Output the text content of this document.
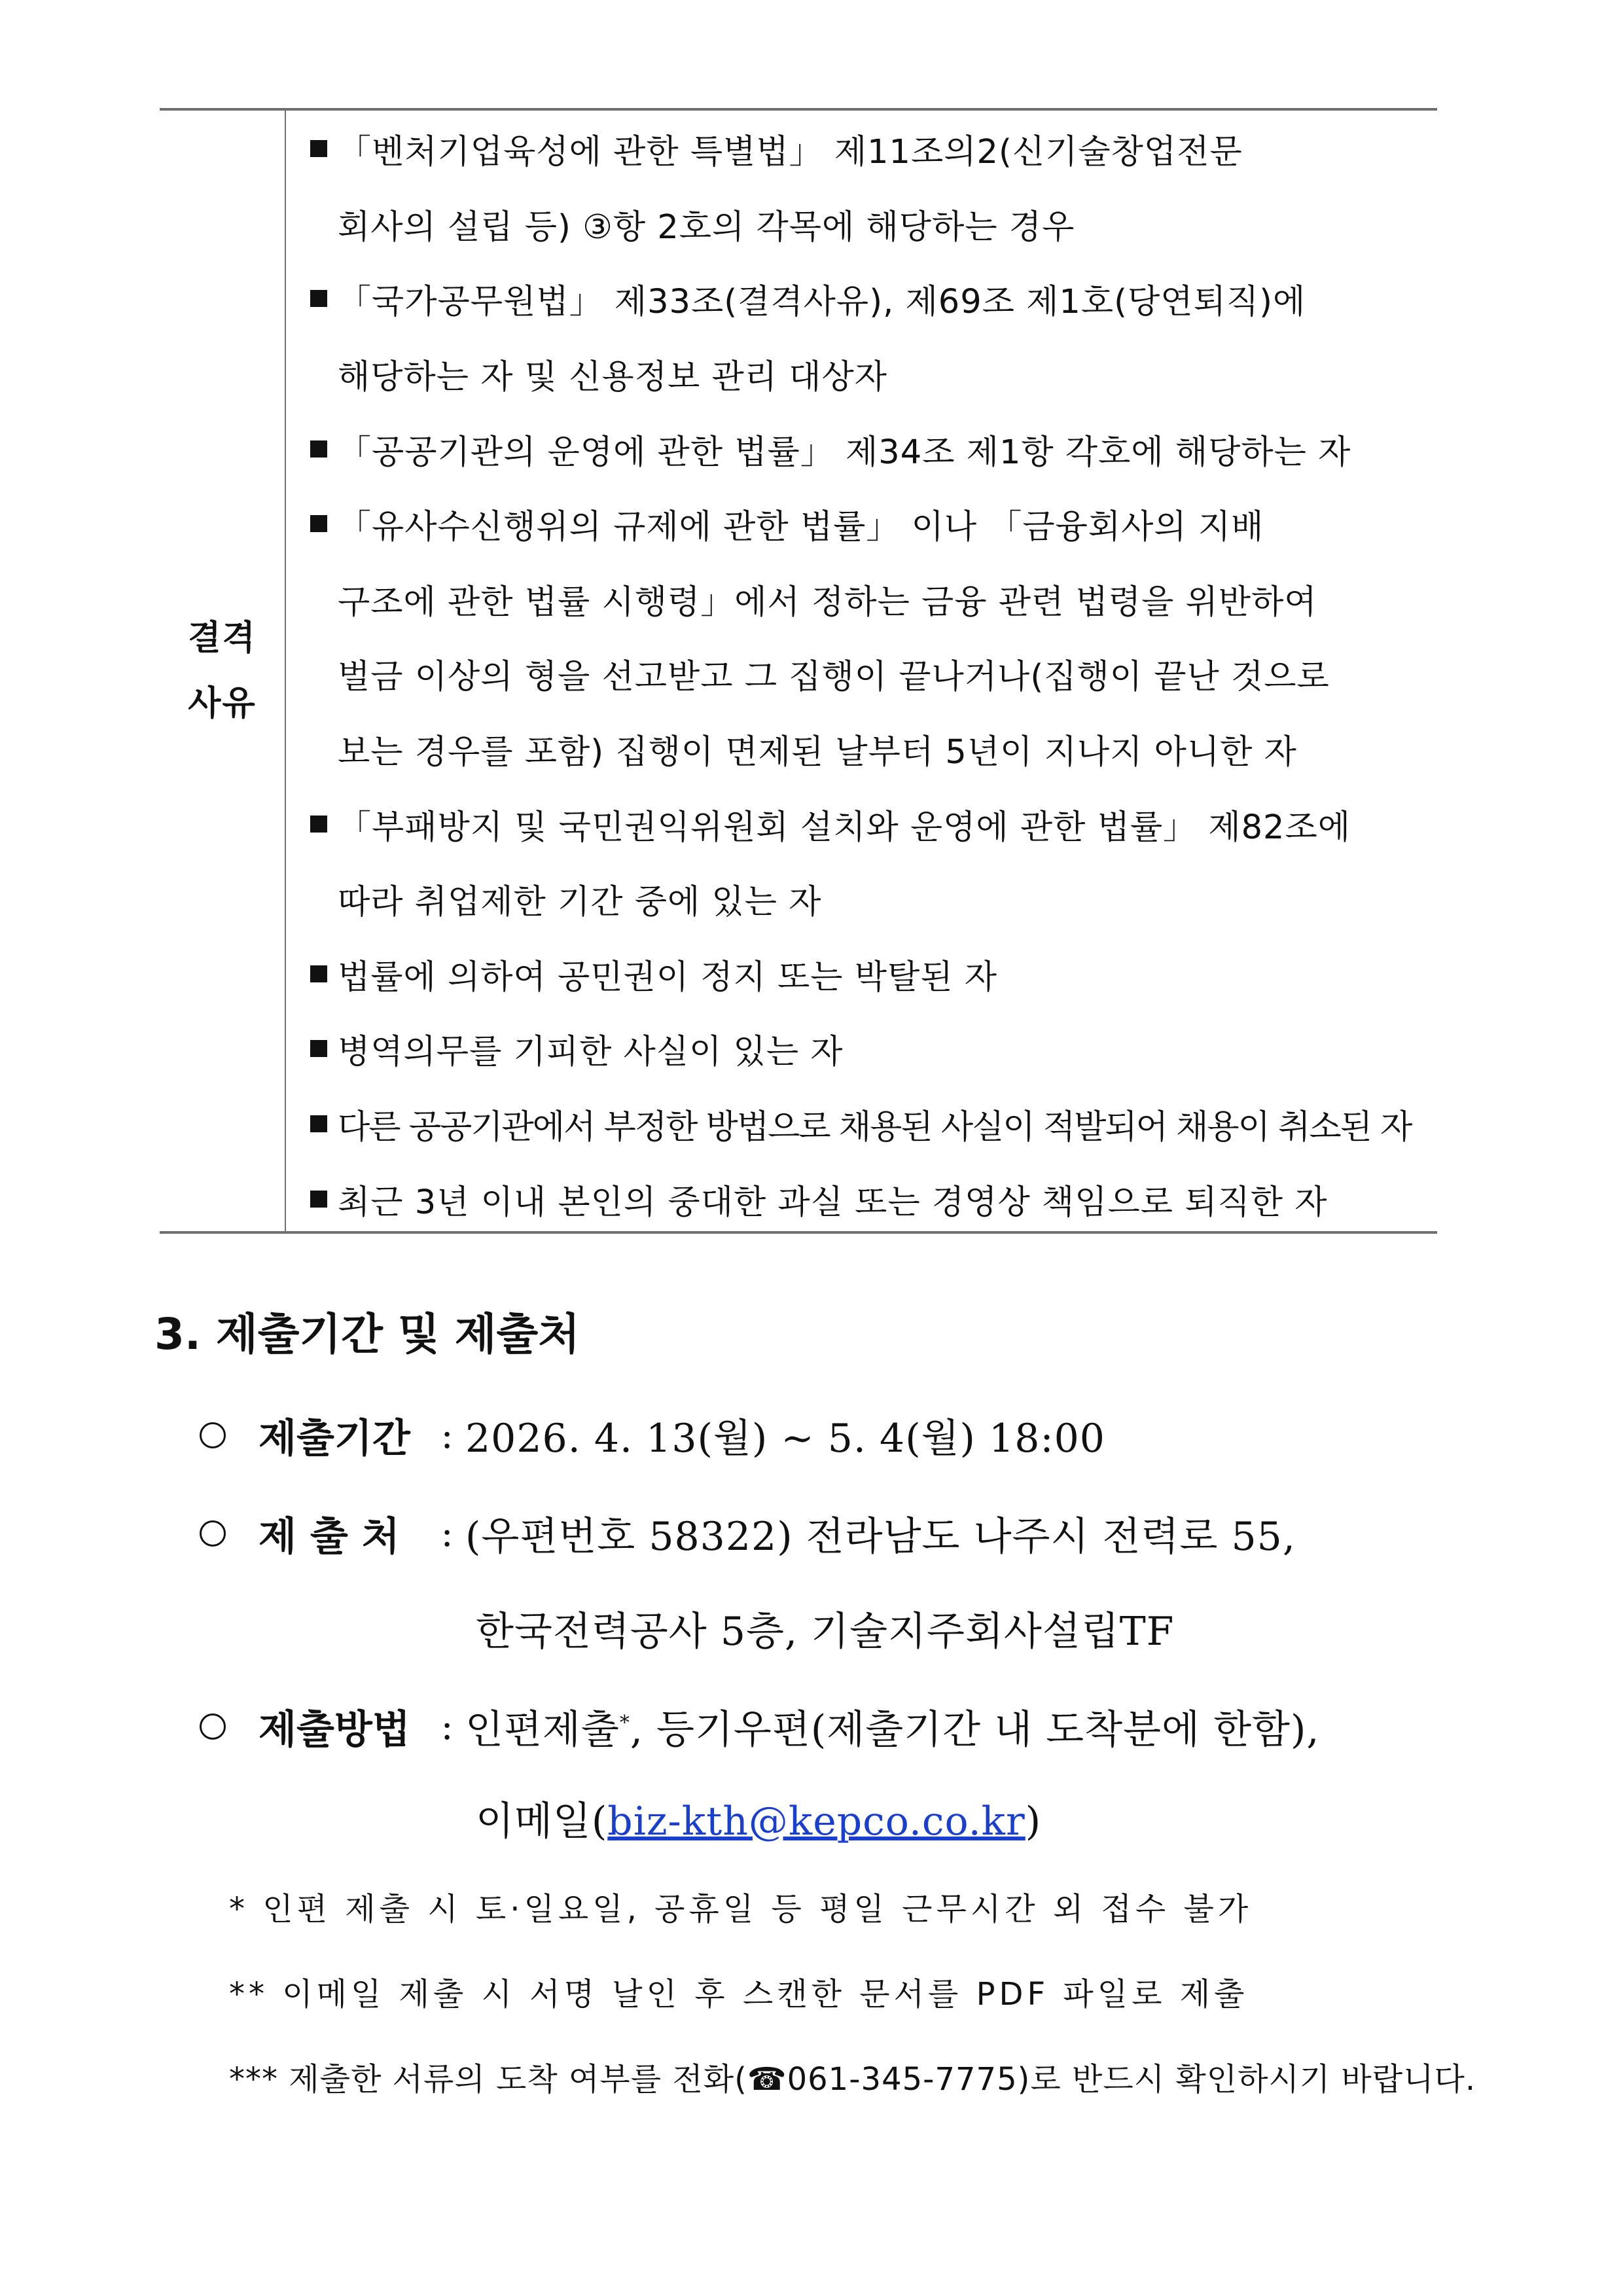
결격
사유
「벤처기업육성에 관한 특별법」 제11조의2(신기술창업전문
회사의 설립 등) ③항 2호의 각목에 해당하는 경우
「국가공무원법」 제33조(결격사유), 제69조 제1호(당연퇴직)에
해당하는 자 및 신용정보 관리 대상자
「공공기관의 운영에 관한 법률」 제34조 제1항 각호에 해당하는 자
「유사수신행위의 규제에 관한 법률」 이나 「금융회사의 지배
구조에 관한 법률 시행령」에서 정하는 금융 관련 법령을 위반하여
벌금 이상의 형을 선고받고 그 집행이 끝나거나(집행이 끝난 것으로
보는 경우를 포함) 집행이 면제된 날부터 5년이 지나지 아니한 자
「부패방지 및 국민권익위원회 설치와 운영에 관한 법률」 제82조에
따라 취업제한 기간 중에 있는 자
법률에 의하여 공민권이 정지 또는 박탈된 자
병역의무를 기피한 사실이 있는 자
다른 공공기관에서 부정한 방법으로 채용된 사실이 적발되어 채용이 취소된 자
최근 3년 이내 본인의 중대한 과실 또는 경영상 책임으로 퇴직한 자
3. 제출기간 및 제출처
제출기간 : 2026. 4. 13(월) ~ 5. 4(월) 18:00
제 출 처	: (우편번호 58322) 전라남도 나주시 전력로 55,
한국전력공사 5층, 기술지주회사설립TF
제출방법 : 인편제출*, 등기우편(제출기간 내 도착분에 한함),
이메일(biz-kth@kepco.co.kr)
* 인편 제출 시 토·일요일, 공휴일 등 평일 근무시간 외 접수 불가
** 이메일 제출 시 서명 날인 후 스캔한 문서를 PDF 파일로 제출
*** 제출한 서류의 도착 여부를 전화(☎061-345-7775)로 반드시 확인하시기 바랍니다.
